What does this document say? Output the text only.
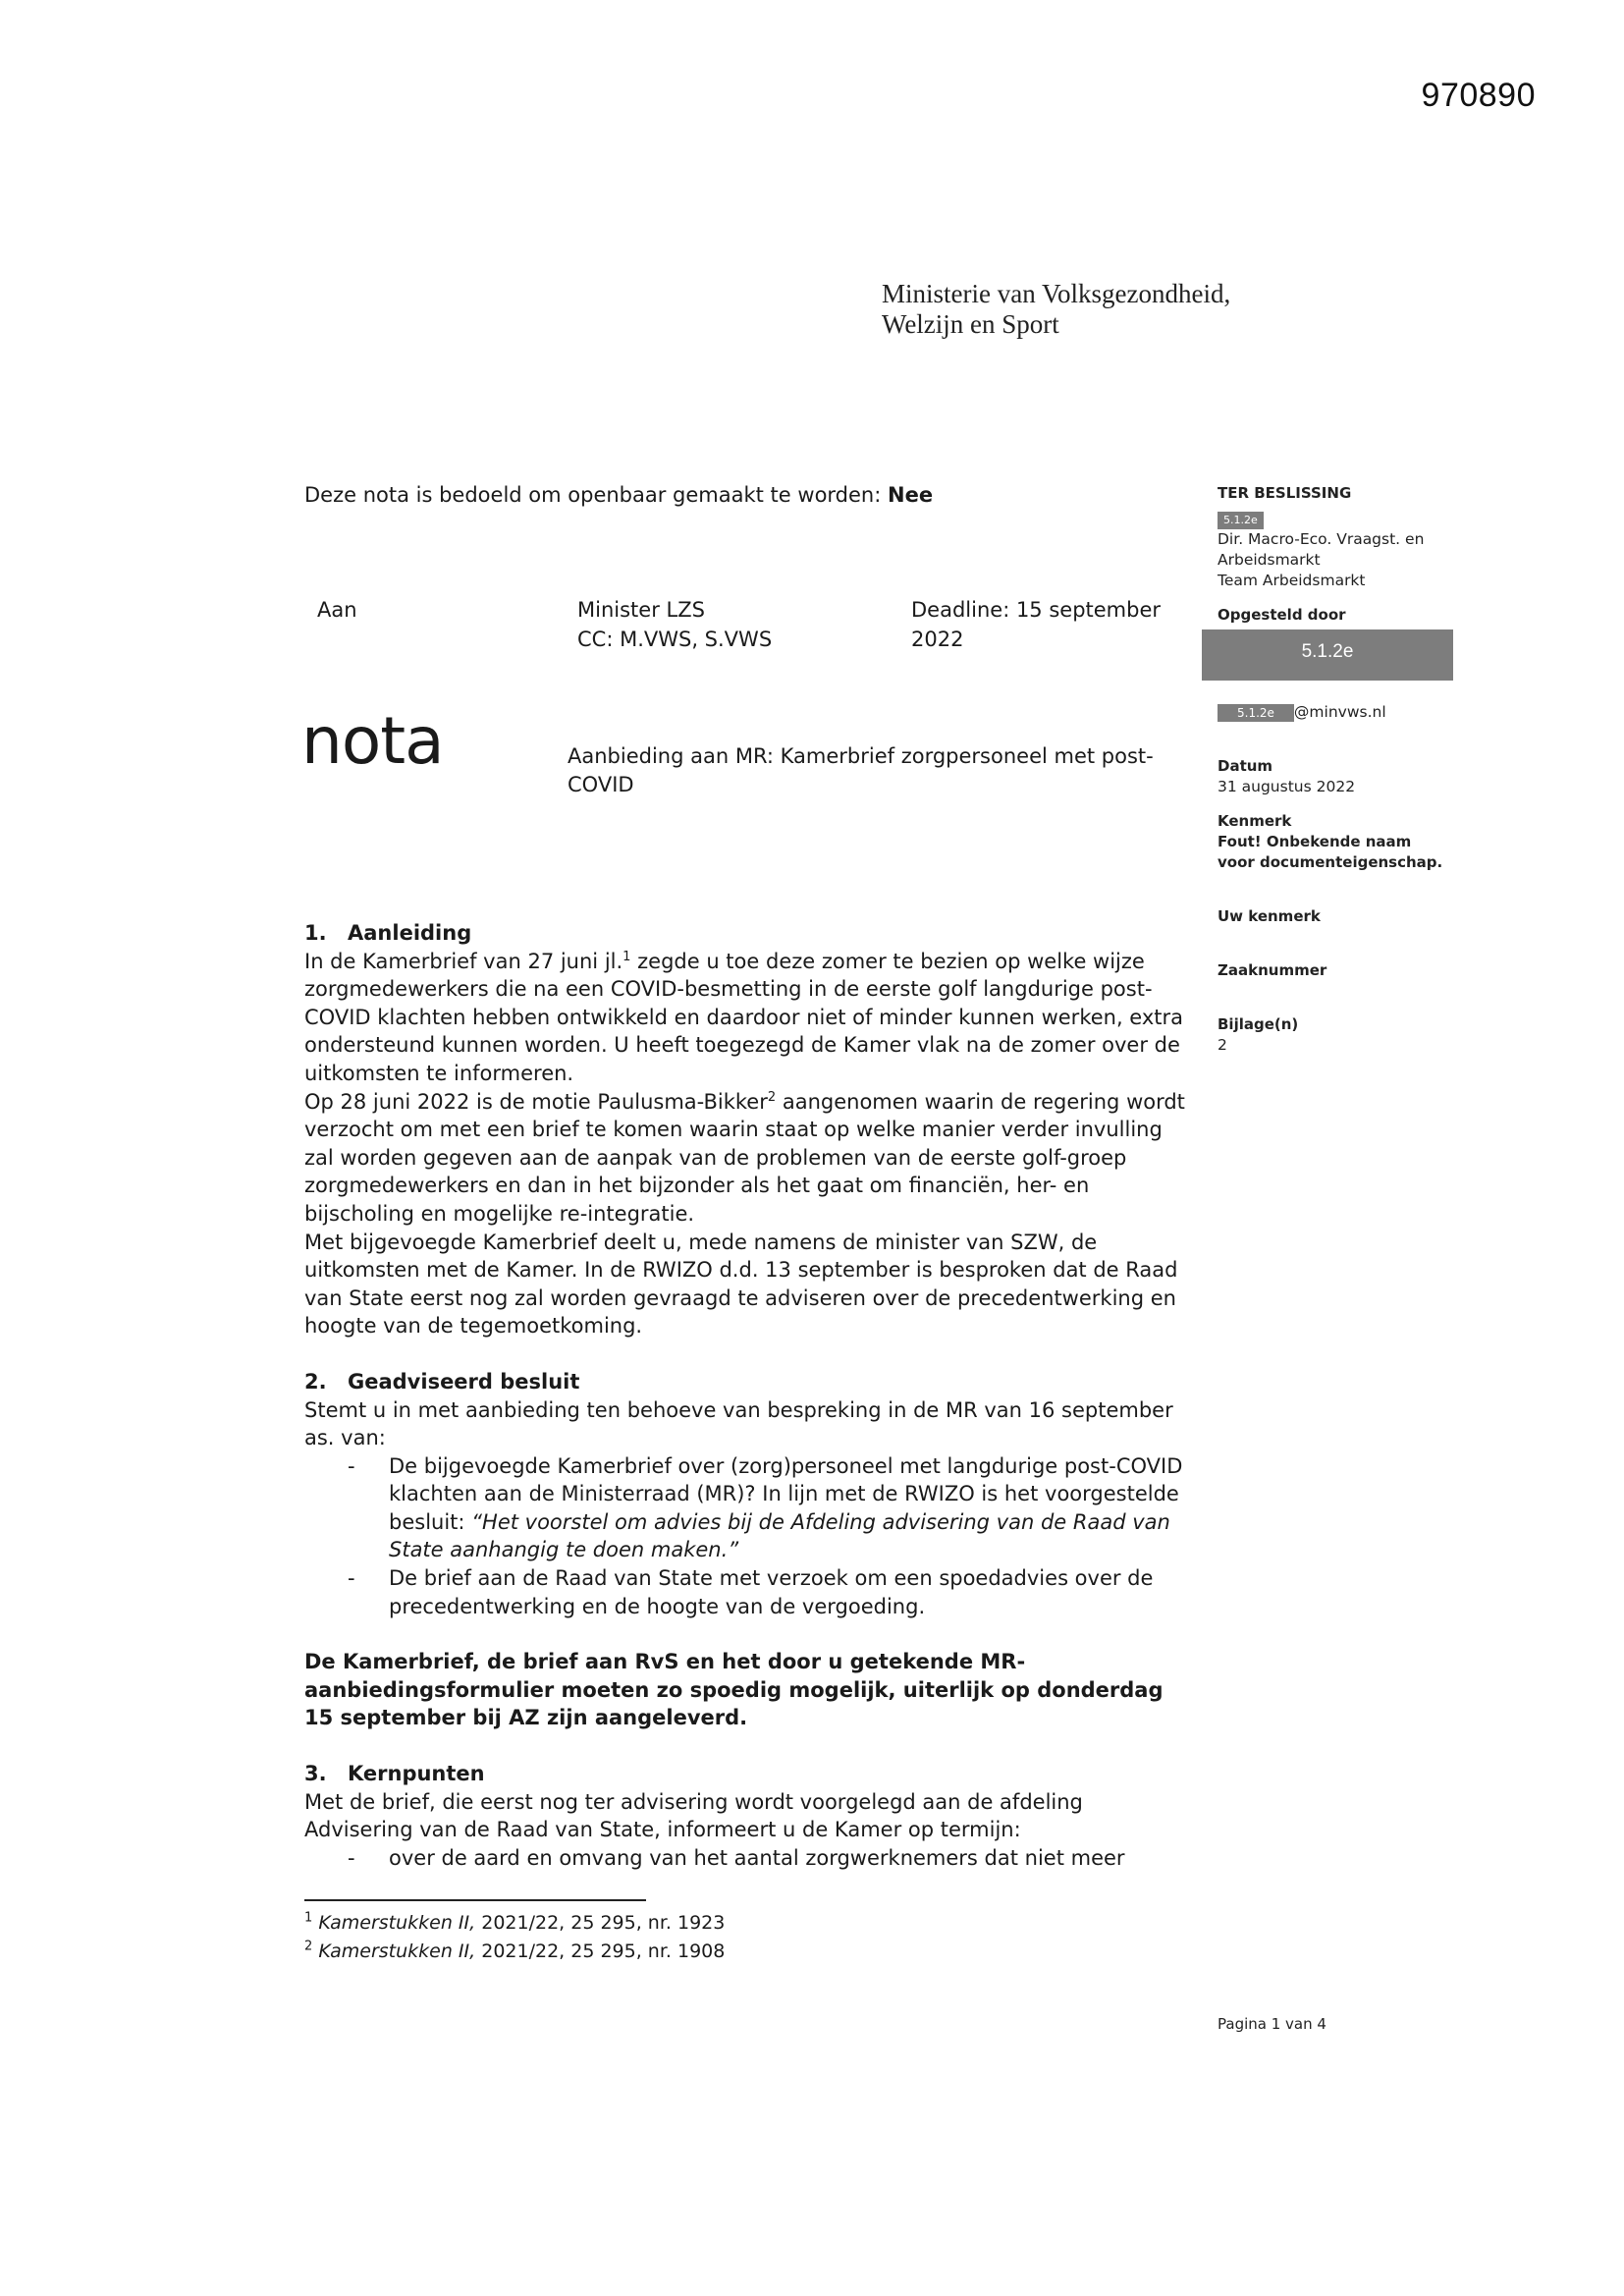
970890
Ministerie van Volksgezondheid,
Welzijn en Sport
Deze nota is bedoeld om openbaar gemaakt te worden: Nee
Aan	Minister LZS
CC: M.VWS, S.VWS
Deadline: 15 september
2022
nota	Aanbieding aan MR: Kamerbrief zorgpersoneel met post-COVID
1. Aanleiding
In de Kamerbrief van 27 juni jl.$^1$ zegde u toe deze zomer te bezien op welke wijze zorgmedewerkers die na een COVID-besmetting in de eerste golf langdurige post-COVID klachten hebben ontwikkeld en daardoor niet of minder kunnen werken, extra ondersteund kunnen worden. U heeft toegezegd de Kamer vlak na de zomer over de uitkomsten te informeren.
Op 28 juni 2022 is de motie Paulusma-Bikker$^2$ aangenomen waarin de regering wordt verzocht om met een brief te komen waarin staat op welke manier verder invulling zal worden gegeven aan de aanpak van de problemen van de eerste golf-groep zorgmedewerkers en dan in het bijzonder als het gaat om financiën, her- en bijscholing en mogelijke re-integratie.
Met bijgevoegde Kamerbrief deelt u, mede namens de minister van SZW, de uitkomsten met de Kamer. In de RWIZO d.d. 13 september is besproken dat de Raad van State eerst nog zal worden gevraagd te adviseren over de precedentwerking en hoogte van de tegemoetkoming.
2. Geadviseerd besluit
Stemt u in met aanbieding ten behoeve van bespreking in de MR van 16 september as. van:
- De bijgevoegde Kamerbrief over (zorg)personeel met langdurige post-COVID klachten aan de Ministerraad (MR)? In lijn met de RWIZO is het voorgestelde besluit: “Het voorstel om advies bij de Afdeling advisering van de Raad van State aanhangig te doen maken.”
- De brief aan de Raad van State met verzoek om een spoedadvies over de precedentwerking en de hoogte van de vergoeding.
De Kamerbrief, de brief aan RvS en het door u getekende MR-aanbiedingsformulier moeten zo spoedig mogelijk, uiterlijk op donderdag 15 september bij AZ zijn aangeleverd.
3. Kernpunten
Met de brief, die eerst nog ter advisering wordt voorgelegd aan de afdeling Advisering van de Raad van State, informeert u de Kamer op termijn:
- over de aard en omvang van het aantal zorgwerknemers dat niet meer
$^1$ Kamerstukken II, 2021/22, 25 295, nr. 1923
$^2$ Kamerstukken II, 2021/22, 25 295, nr. 1908
TER BESLISSING
5.1.2e
Dir. Macro-Eco. Vraagst. en
Arbeidsmarkt
Team Arbeidsmarkt
Opgesteld door
5.1.2e
5.1.2e @minvws.nl
Datum
31 augustus 2022
Kenmerk
Fout! Onbekende naam
voor documenteigenschap.
Uw kenmerk
Zaaknummer
Bijlage(n)
2
Pagina 1 van 4
